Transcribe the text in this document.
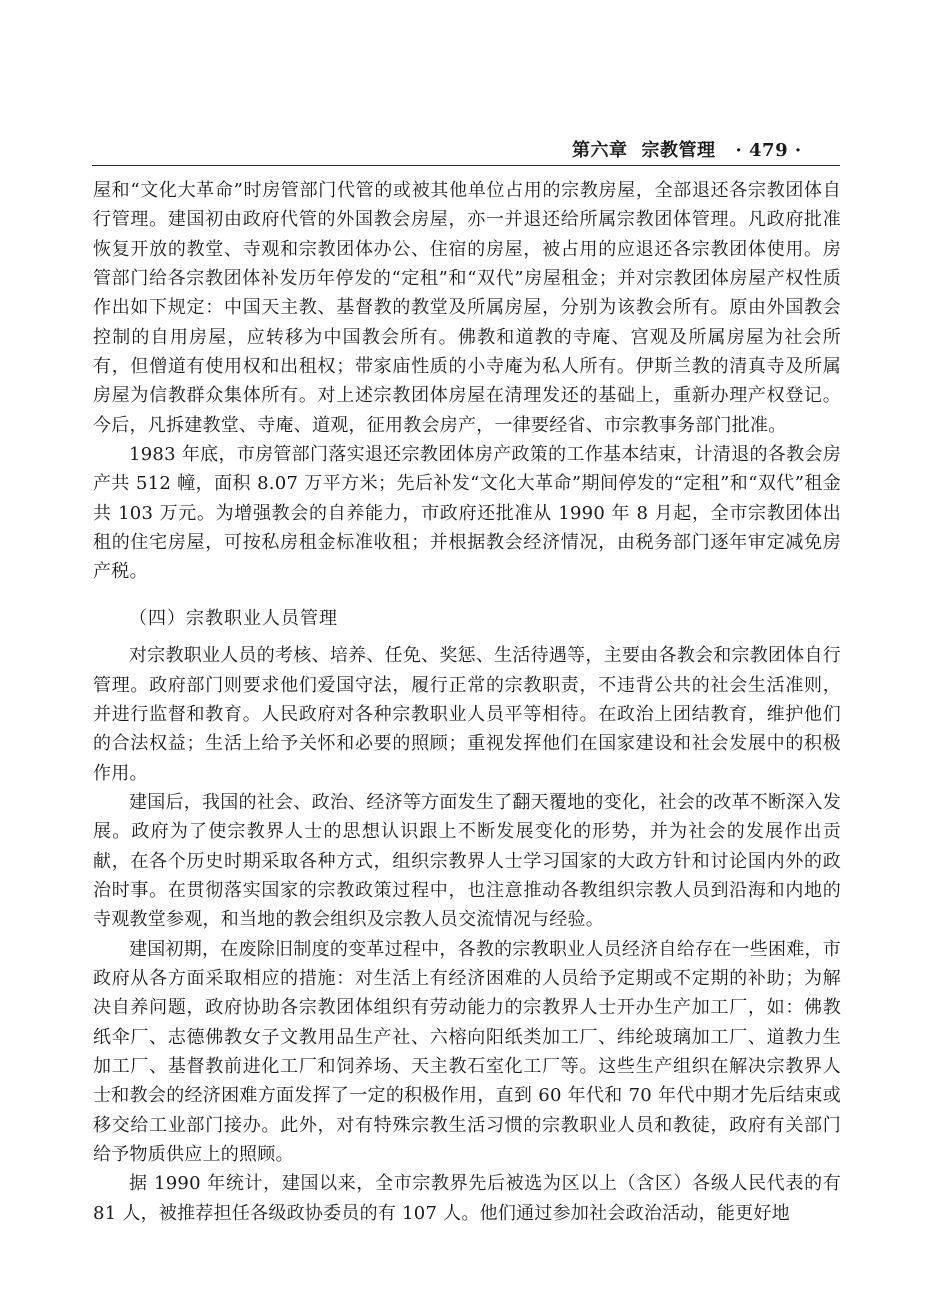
第六章 宗教管理 · 479 ·

屋和“文化大革命”时房管部门代管的或被其他单位占用的宗教房屋，全部退还各宗教团体自行管理。建国初由政府代管的外国教会房屋，亦一并退还给所属宗教团体管理。凡政府批准恢复开放的教堂、寺观和宗教团体办公、住宿的房屋，被占用的应退还各宗教团体使用。房管部门给各宗教团体补发历年停发的“定租”和“双代”房屋租金；并对宗教团体房屋产权性质作出如下规定：中国天主教、基督教的教堂及所属房屋，分别为该教会所有。原由外国教会控制的自用房屋，应转移为中国教会所有。佛教和道教的寺庵、宫观及所属房屋为社会所有，但僧道有使用权和出租权；带家庙性质的小寺庵为私人所有。伊斯兰教的清真寺及所属房屋为信教群众集体所有。对上述宗教团体房屋在清理发还的基础上，重新办理产权登记。今后，凡拆建教堂、寺庵、道观，征用教会房产，一律要经省、市宗教事务部门批准。

1983 年底，市房管部门落实退还宗教团体房产政策的工作基本结束，计清退的各教会房产共 512 幢，面积 8.07 万平方米；先后补发“文化大革命”期间停发的“定租”和“双代”租金共 103 万元。为增强教会的自养能力，市政府还批准从 1990 年 8 月起，全市宗教团体出租的住宅房屋，可按私房租金标准收租；并根据教会经济情况，由税务部门逐年审定减免房产税。

（四）宗教职业人员管理

对宗教职业人员的考核、培养、任免、奖惩、生活待遇等，主要由各教会和宗教团体自行管理。政府部门则要求他们爱国守法，履行正常的宗教职责，不违背公共的社会生活准则，并进行监督和教育。人民政府对各种宗教职业人员平等相待。在政治上团结教育，维护他们的合法权益；生活上给予关怀和必要的照顾；重视发挥他们在国家建设和社会发展中的积极作用。

建国后，我国的社会、政治、经济等方面发生了翻天覆地的变化，社会的改革不断深入发展。政府为了使宗教界人士的思想认识跟上不断发展变化的形势，并为社会的发展作出贡献，在各个历史时期采取各种方式，组织宗教界人士学习国家的大政方针和讨论国内外的政治时事。在贯彻落实国家的宗教政策过程中，也注意推动各教组织宗教人员到沿海和内地的寺观教堂参观，和当地的教会组织及宗教人员交流情况与经验。

建国初期，在废除旧制度的变革过程中，各教的宗教职业人员经济自给存在一些困难，市政府从各方面采取相应的措施：对生活上有经济困难的人员给予定期或不定期的补助；为解决自养问题，政府协助各宗教团体组织有劳动能力的宗教界人士开办生产加工厂，如：佛教纸伞厂、志德佛教女子文教用品生产社、六榕向阳纸类加工厂、纬纶玻璃加工厂、道教力生加工厂、基督教前进化工厂和饲养场、天主教石室化工厂等。这些生产组织在解决宗教界人士和教会的经济困难方面发挥了一定的积极作用，直到 60 年代和 70 年代中期才先后结束或移交给工业部门接办。此外，对有特殊宗教生活习惯的宗教职业人员和教徒，政府有关部门给予物质供应上的照顾。

据 1990 年统计，建国以来，全市宗教界先后被选为区以上（含区）各级人民代表的有 81 人，被推荐担任各级政协委员的有 107 人。他们通过参加社会政治活动，能更好地
